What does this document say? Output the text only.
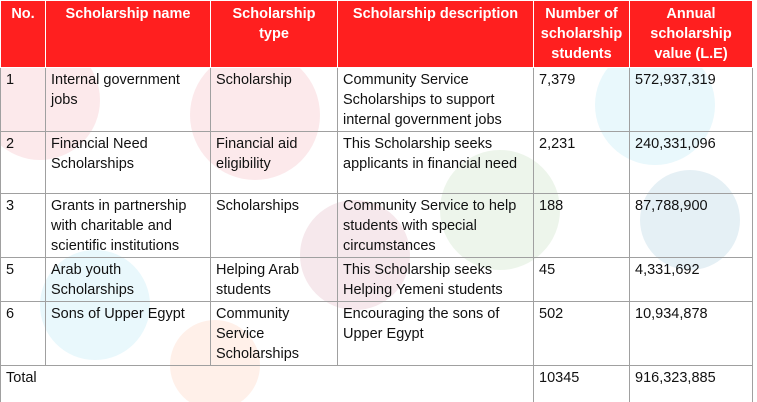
No.	Scholarship name	Scholarship type	Scholarship description	Number of scholarship students	Annual scholarship value (L.E)
1	Internal government jobs	Scholarship	Community Service Scholarships to support internal government jobs	7,379	572,937,319
2	Financial Need Scholarships	Financial aid eligibility	This Scholarship seeks applicants in financial need	2,231	240,331,096
3	Grants in partnership with charitable and scientific institutions	Scholarships	Community Service to help students with special circumstances	188	87,788,900
5	Arab youth Scholarships	Helping Arab students	This Scholarship seeks Helping Yemeni students	45	4,331,692
6	Sons of Upper Egypt	Community Service Scholarships	Encouraging the sons of Upper Egypt	502	10,934,878
Total				10345	916,323,885
